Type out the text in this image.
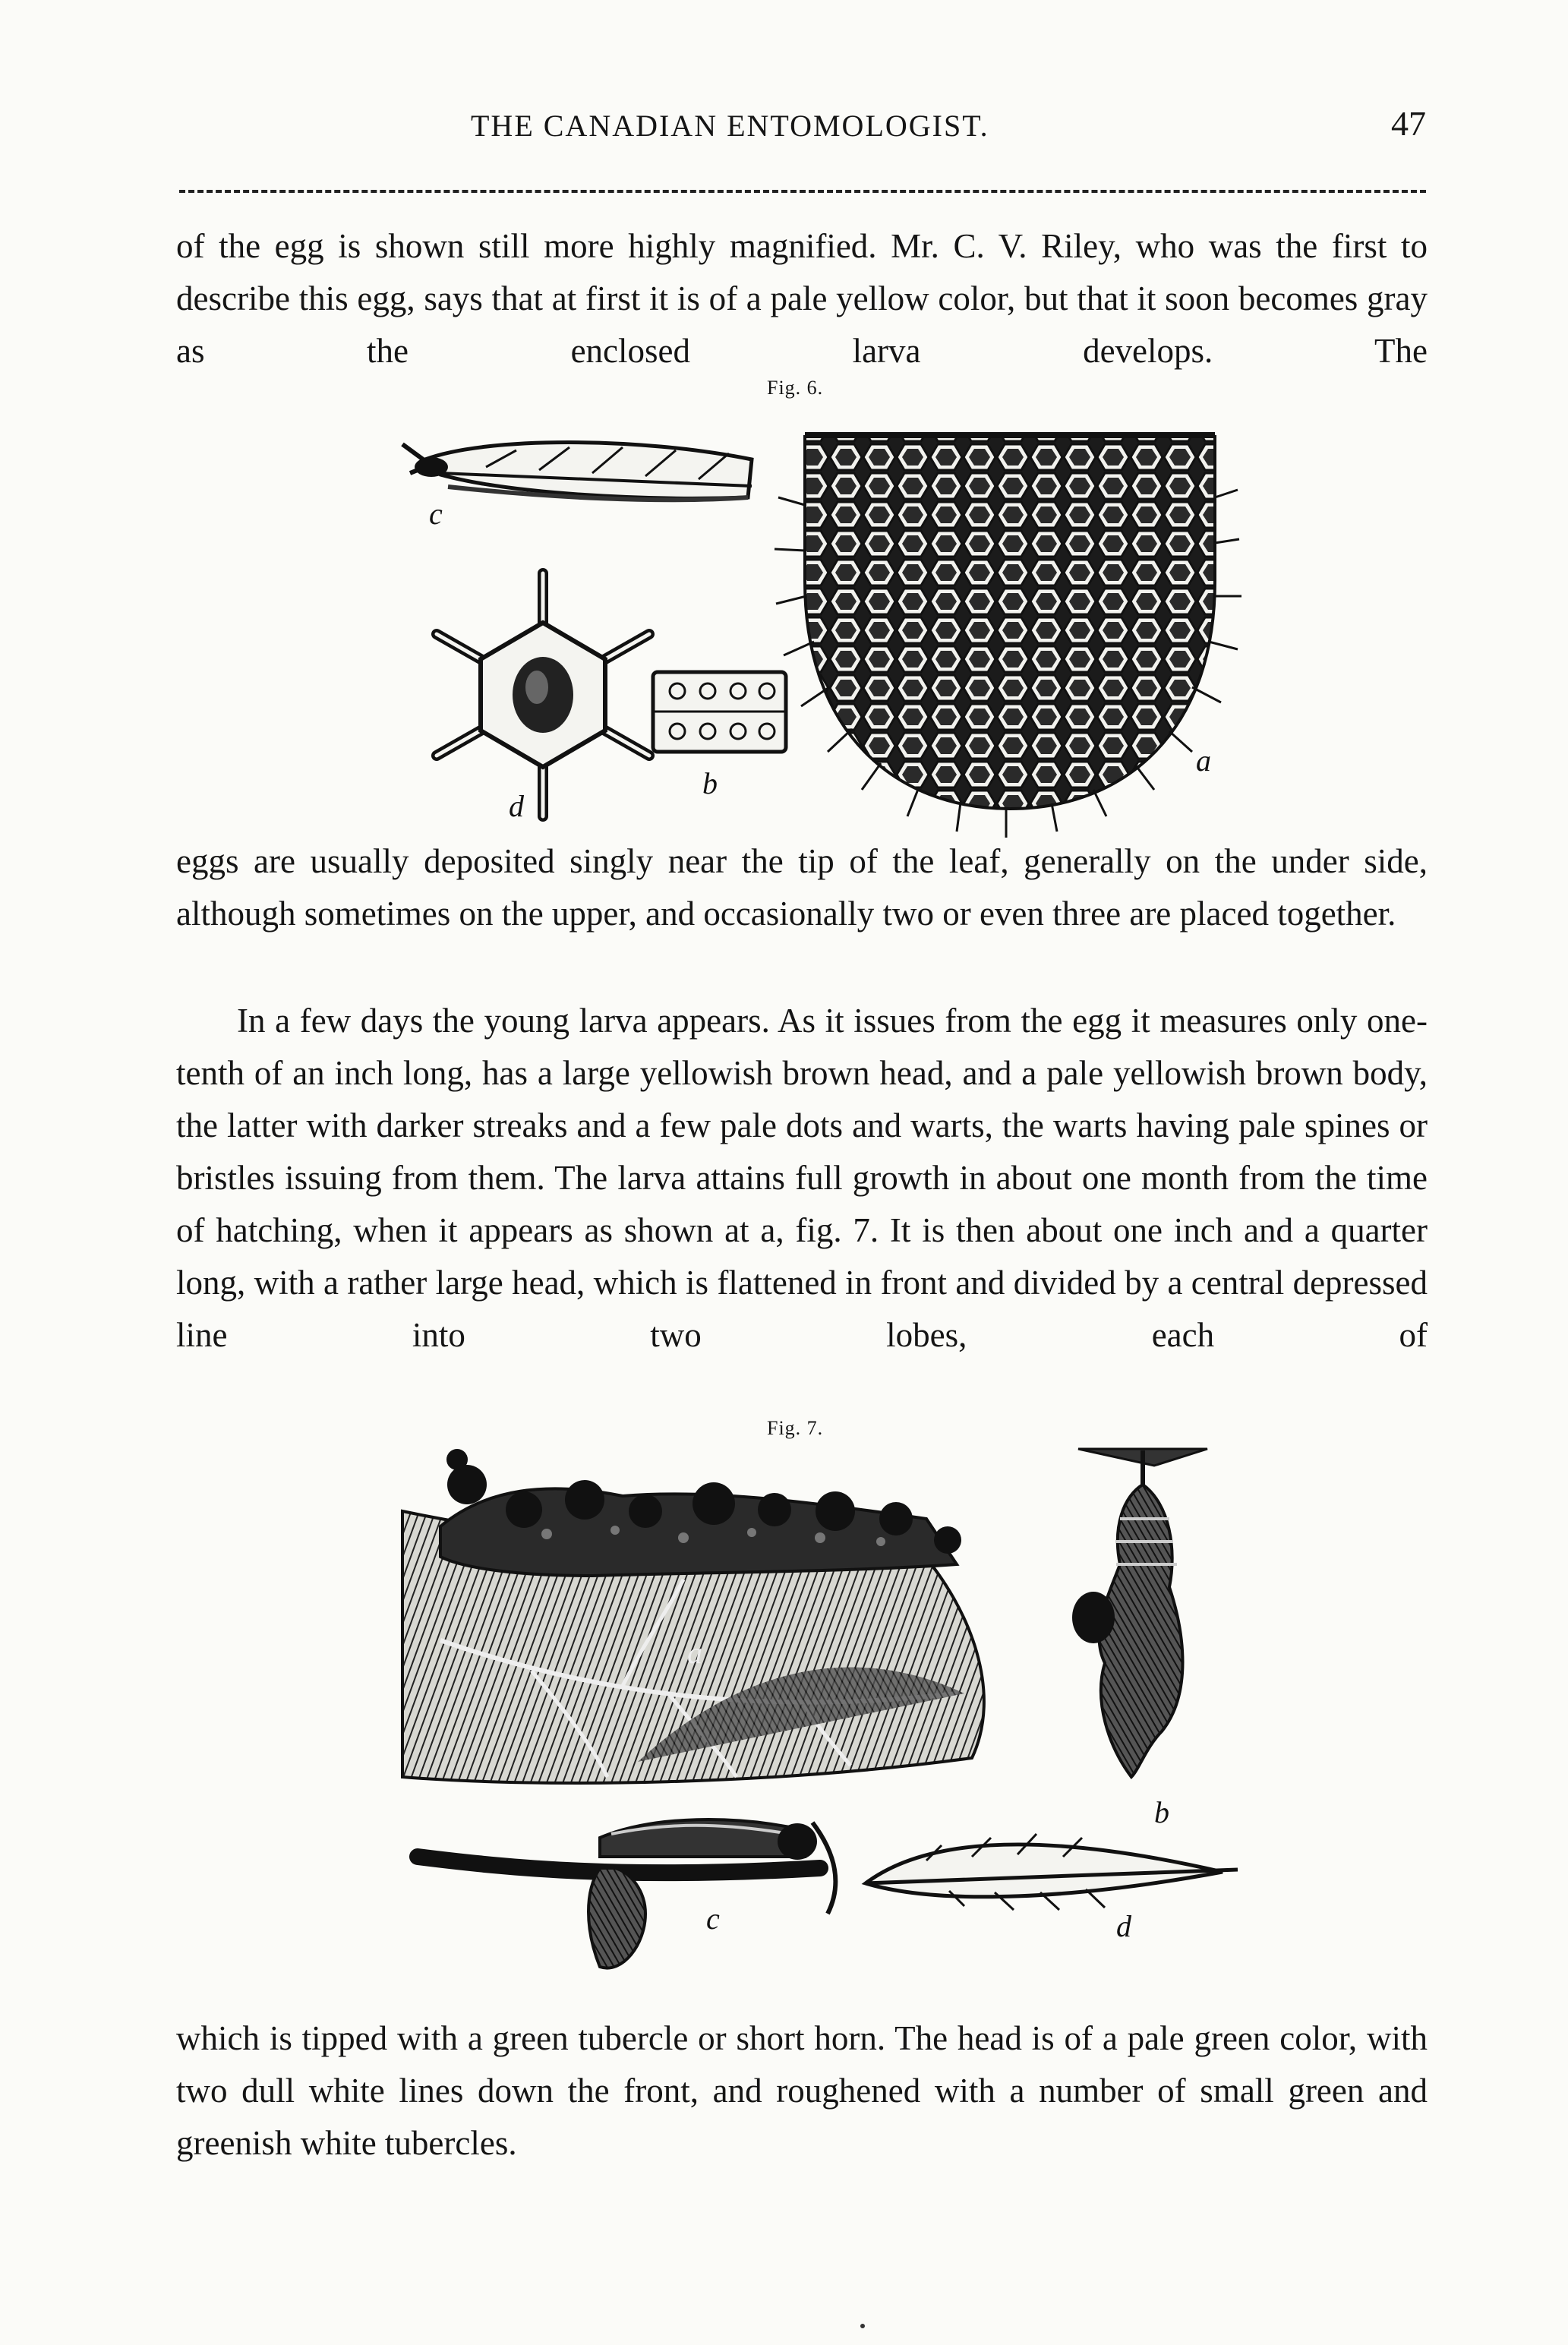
THE CANADIAN ENTOMOLOGIST.	47
of the egg is shown still more highly magnified. Mr. C. V. Riley, who was the first to describe this egg, says that at first it is of a pale yellow color, but that it soon becomes gray as the enclosed larva develops. The
Fig. 6.
c
d
b
a
eggs are usually deposited singly near the tip of the leaf, generally on the under side, although sometimes on the upper, and occasionally two or even three are placed together.
In a few days the young larva appears. As it issues from the egg it measures only one-tenth of an inch long, has a large yellowish brown head, and a pale yellowish brown body, the latter with darker streaks and a few pale dots and warts, the warts having pale spines or bristles issuing from them. The larva attains full growth in about one month from the time of hatching, when it appears as shown at a, fig. 7. It is then about one inch and a quarter long, with a rather large head, which is flattened in front and divided by a central depressed line into two lobes, each of
Fig. 7.
a
b
c	d
which is tipped with a green tubercle or short horn. The head is of a pale green color, with two dull white lines down the front, and roughened with a number of small green and greenish white tubercles.
